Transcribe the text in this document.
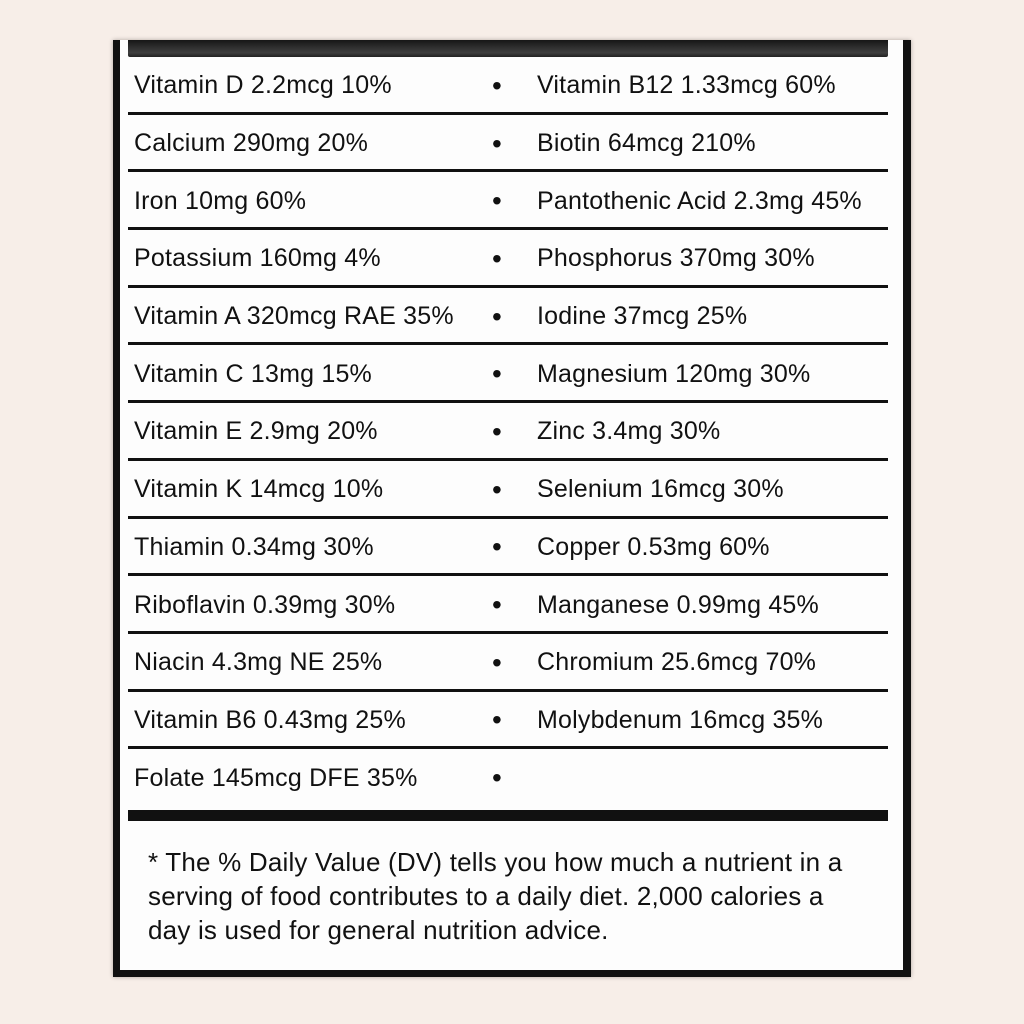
Vitamin D 2.2mcg 10%	•	Vitamin B12 1.33mcg 60%
Calcium 290mg 20%	•	Biotin 64mcg 210%
Iron 10mg 60%	•	Pantothenic Acid 2.3mg 45%
Potassium 160mg 4%	•	Phosphorus 370mg 30%
Vitamin A 320mcg RAE 35%	•	Iodine 37mcg 25%
Vitamin C 13mg 15%	•	Magnesium 120mg 30%
Vitamin E 2.9mg 20%	•	Zinc 3.4mg 30%
Vitamin K 14mcg 10%	•	Selenium 16mcg 30%
Thiamin 0.34mg 30%	•	Copper 0.53mg 60%
Riboflavin 0.39mg 30%	•	Manganese 0.99mg 45%
Niacin 4.3mg NE 25%	•	Chromium 25.6mcg 70%
Vitamin B6 0.43mg 25%	•	Molybdenum 16mcg 35%
Folate 145mcg DFE 35%	•

* The % Daily Value (DV) tells you how much a nutrient in a serving of food contributes to a daily diet. 2,000 calories a day is used for general nutrition advice.
